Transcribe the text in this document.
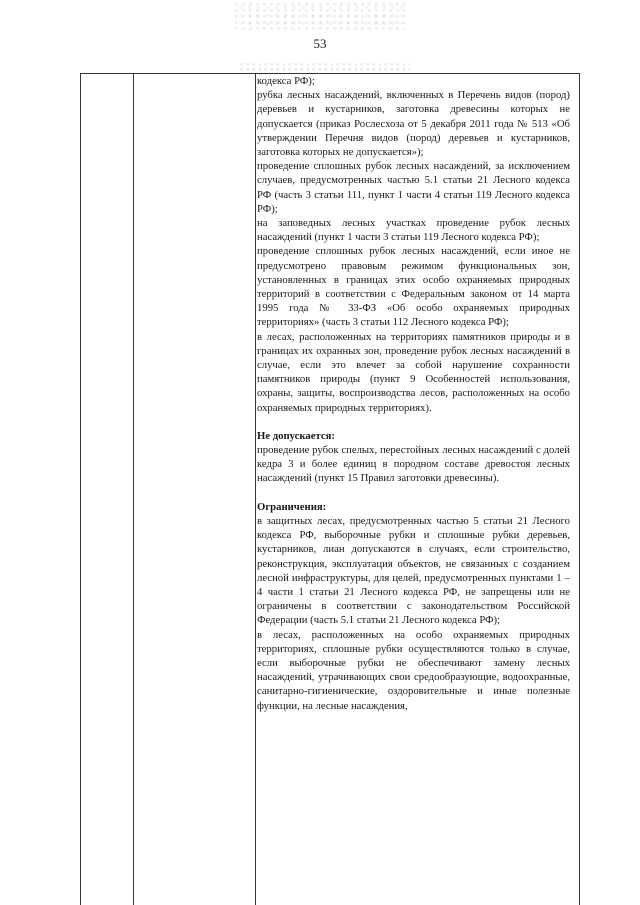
53

кодекса РФ);

рубка лесных насаждений, включенных в Перечень видов (пород) деревьев и кустарников, заготовка древесины которых не допускается (приказ Рослесхоза от 5 декабря 2011 года № 513 «Об утверждении Перечня видов (пород) деревьев и кустарников, заготовка которых не допускается»);

проведение сплошных рубок лесных насаждений, за исключением случаев, предусмотренных частью 5.1 статьи 21 Лесного кодекса РФ (часть 3 статьи 111, пункт 1 части 4 статьи 119 Лесного кодекса РФ);

на заповедных лесных участках проведение рубок лесных насаждений (пункт 1 части 3 статьи 119 Лесного кодекса РФ);

проведение сплошных рубок лесных насаждений, если иное не предусмотрено правовым режимом функциональных зон, установленных в границах этих особо охраняемых природных территорий в соответствии с Федеральным законом от 14 марта 1995 года № 33-ФЗ «Об особо охраняемых природных территориях» (часть 3 статьи 112 Лесного кодекса РФ);

в лесах, расположенных на территориях памятников природы и в границах их охранных зон, проведение рубок лесных насаждений в случае, если это влечет за собой нарушение сохранности памятников природы (пункт 9 Особенностей использования, охраны, защиты, воспроизводства лесов, расположенных на особо охраняемых природных территориях).

Не допускается:

проведение рубок спелых, перестойных лесных насаждений с долей кедра 3 и более единиц в породном составе древостоя лесных насаждений (пункт 15 Правил заготовки древесины).

Ограничения:

в защитных лесах, предусмотренных частью 5 статьи 21 Лесного кодекса РФ, выборочные рубки и сплошные рубки деревьев, кустарников, лиан допускаются в случаях, если строительство, реконструкция, эксплуатация объектов, не связанных с созданием лесной инфраструктуры, для целей, предусмотренных пунктами 1 – 4 части 1 статьи 21 Лесного кодекса РФ, не запрещены или не ограничены в соответствии с законодательством Российской Федерации (часть 5.1 статьи 21 Лесного кодекса РФ);

в лесах, расположенных на особо охраняемых природных территориях, сплошные рубки осуществляются только в случае, если выборочные рубки не обеспечивают замену лесных насаждений, утрачивающих свои средообразующие, водоохранные, санитарно-гигиенические, оздоровительные и иные полезные функции, на лесные насаждения,
